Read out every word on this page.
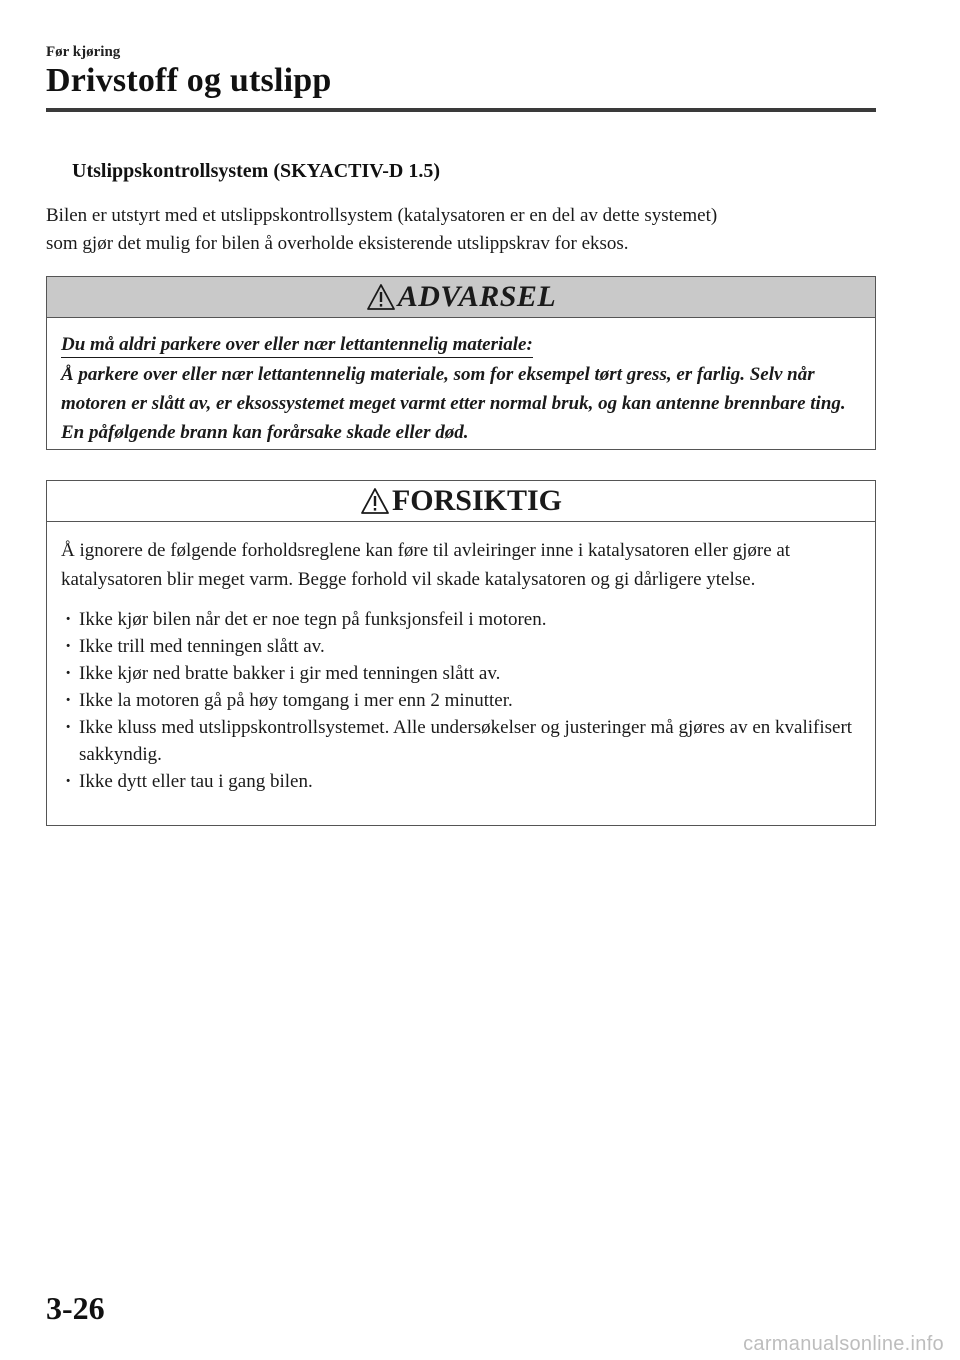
Før kjøring
Drivstoff og utslipp
Utslippskontrollsystem (SKYACTIV-D 1.5)

Bilen er utstyrt med et utslippskontrollsystem (katalysatoren er en del av dette systemet)

som gjør det mulig for bilen å overholde eksisterende utslippskrav for eksos.

ADVARSEL
Du må aldri parkere over eller nær lettantennelig materiale:

Å parkere over eller nær lettantennelig materiale, som for eksempel tørt gress, er farlig. Selv når motoren er slått av, er eksossystemet meget varmt etter normal bruk, og kan antenne brennbare ting. En påfølgende brann kan forårsake skade eller død.

FORSIKTIG

Å ignorere de følgende forholdsreglene kan føre til avleiringer inne i katalysatoren eller gjøre at katalysatoren blir meget varm. Begge forhold vil skade katalysatoren og gi dårligere ytelse.

· Ikke kjør bilen når det er noe tegn på funksjonsfeil i motoren.
· Ikke trill med tenningen slått av.
· Ikke kjør ned bratte bakker i gir med tenningen slått av.
· Ikke la motoren gå på høy tomgang i mer enn 2 minutter.
· Ikke kluss med utslippskontrollsystemet. Alle undersøkelser og justeringer må gjøres av en kvalifisert sakkyndig.
· Ikke dytt eller tau i gang bilen.
3-26
carmanualsonline.info
